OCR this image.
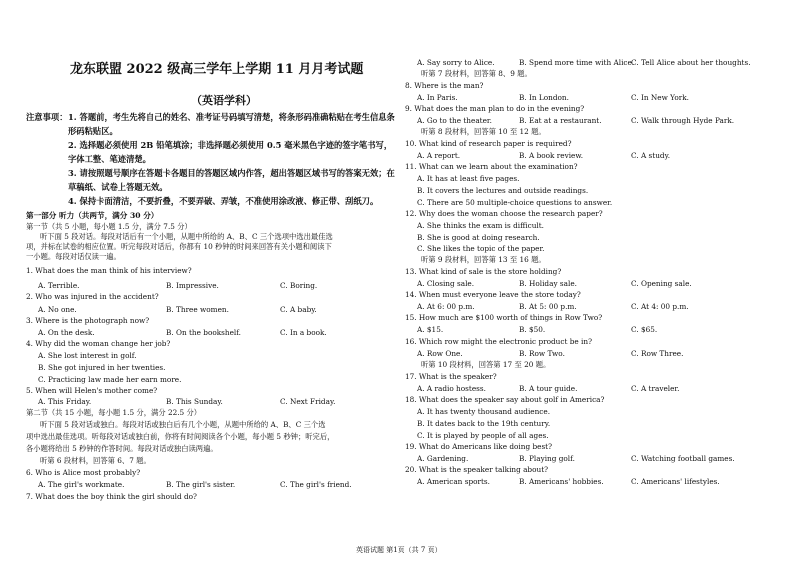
龙东联盟 2022 级高三学年上学期 11 月月考试题
（英语学科）
注意事项： 1. 答题前，考生先将自己的姓名、准考证号码填写清楚，将条形码准确粘贴在考生信息条形码粘贴区。
2. 选择题必须使用 2B 铅笔填涂；非选择题必须使用 0.5 毫米黑色字迹的签字笔书写，字体工整、笔迹清楚。
3. 请按照题号顺序在答题卡各题目的答题区域内作答，超出答题区域书写的答案无效；在草稿纸、试卷上答题无效。
4. 保持卡面清洁，不要折叠，不要弄破、弄皱，不准使用涂改液、修正带、刮纸刀。
第一部分 听力（共两节，满分 30 分）
第一节（共 5 小题，每小题 1.5 分，满分 7.5 分）
听下面 5 段对话。每段对话后有一个小题，从题中所给的 A、B、C 三个选项中选出最佳选
项，并标在试卷的相应位置。听完每段对话后，你都有 10 秒钟的时间来回答有关小题和阅读下
一小题。每段对话仅读一遍。
1. What does the man think of his interview?
A. Terrible.	B. Impressive.	C. Boring.
2. Who was injured in the accident?
A. No one.	B. Three women.	C. A baby.
3. Where is the photograph now?
A. On the desk.	B. On the bookshelf.	C. In a book.
4. Why did the woman change her job?
A. She lost interest in golf.
B. She got injured in her twenties.
C. Practicing law made her earn more.
5. When will Helen's mother come?
A. This Friday.	B. This Sunday.	C. Next Friday.
第二节（共 15 小题，每小题 1.5 分，满分 22.5 分）
听下面 5 段对话或独白。每段对话或独白后有几个小题，从题中所给的 A、B、C 三个选
项中选出最佳选项。听每段对话或独白前，你将有时间阅读各个小题，每小题 5 秒钟；听完后，
各小题将给出 5 秒钟的作答时间。每段对话或独白读两遍。
听第 6 段材料，回答第 6、7 题。
6. Who is Alice most probably?
A. The girl's workmate.	B. The girl's sister.	C. The girl's friend.
7. What does the boy think the girl should do?
A. Say sorry to Alice.	B. Spend more time with Alice.
C. Tell Alice about her thoughts.
听第 7 段材料，回答第 8、9 题。
8. Where is the man?
A. In Paris.	B. In London.	C. In New York.
9. What does the man plan to do in the evening?
A. Go to the theater.	B. Eat at a restaurant.	C. Walk through Hyde Park.
听第 8 段材料，回答第 10 至 12 题。
10. What kind of research paper is required?
A. A report.	B. A book review.	C. A study.
11. What can we learn about the examination?
A. It has at least five pages.
B. It covers the lectures and outside readings.
C. There are 50 multiple-choice questions to answer.
12. Why does the woman choose the research paper?
A. She thinks the exam is difficult.
B. She is good at doing research.
C. She likes the topic of the paper.
听第 9 段材料，回答第 13 至 16 题。
13. What kind of sale is the store holding?
A. Closing sale.	B. Holiday sale.	C. Opening sale.
14. When must everyone leave the store today?
A. At 6: 00 p.m.	B. At 5: 00 p.m.	C. At 4: 00 p.m.
15. How much are $100 worth of things in Row Two?
A. $15.	B. $50.	C. $65.
16. Which row might the electronic product be in?
A. Row One.	B. Row Two.	C. Row Three.
听第 10 段材料，回答第 17 至 20 题。
17. What is the speaker?
A. A radio hostess.	B. A tour guide.	C. A traveler.
18. What does the speaker say about golf in America?
A. It has twenty thousand audience.
B. It dates back to the 19th century.
C. It is played by people of all ages.
19. What do Americans like doing best?
A. Gardening.	B. Playing golf.	C. Watching football games.
20. What is the speaker talking about?
A. American sports.	B. Americans' hobbies.	C. Americans' lifestyles.
英语试题 第1页（共 7 页）
